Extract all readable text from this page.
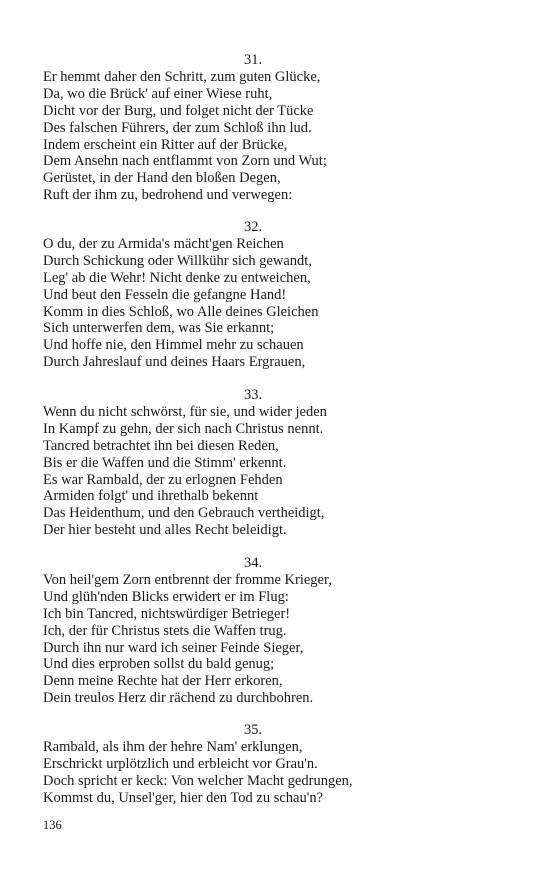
31.
Er hemmt daher den Schritt, zum guten Glücke,
Da, wo die Brück' auf einer Wiese ruht,
Dicht vor der Burg, und folget nicht der Tücke
Des falschen Führers, der zum Schloß ihn lud.
Indem erscheint ein Ritter auf der Brücke,
Dem Ansehn nach entflammt von Zorn und Wut;
Gerüstet, in der Hand den bloßen Degen,
Ruft der ihm zu, bedrohend und verwegen:
32.
O du, der zu Armida's mächt'gen Reichen
Durch Schickung oder Willkühr sich gewandt,
Leg' ab die Wehr! Nicht denke zu entweichen,
Und beut den Fesseln die gefangne Hand!
Komm in dies Schloß, wo Alle deines Gleichen
Sich unterwerfen dem, was Sie erkannt;
Und hoffe nie, den Himmel mehr zu schauen
Durch Jahreslauf und deines Haars Ergrauen,
33.
Wenn du nicht schwörst, für sie, und wider jeden
In Kampf zu gehn, der sich nach Christus nennt.
Tancred betrachtet ihn bei diesen Reden,
Bis er die Waffen und die Stimm' erkennt.
Es war Rambald, der zu erlognen Fehden
Armiden folgt' und ihrethalb bekennt
Das Heidenthum, und den Gebrauch vertheidigt,
Der hier besteht und alles Recht beleidigt.
34.
Von heil'gem Zorn entbrennt der fromme Krieger,
Und glüh'nden Blicks erwidert er im Flug:
Ich bin Tancred, nichtswürdiger Betrieger!
Ich, der für Christus stets die Waffen trug.
Durch ihn nur ward ich seiner Feinde Sieger,
Und dies erproben sollst du bald genug;
Denn meine Rechte hat der Herr erkoren,
Dein treulos Herz dir rächend zu durchbohren.
35.
Rambald, als ihm der hehre Nam' erklungen,
Erschrickt urplötzlich und erbleicht vor Grau'n.
Doch spricht er keck: Von welcher Macht gedrungen,
Kommst du, Unsel'ger, hier den Tod zu schau'n?
136
